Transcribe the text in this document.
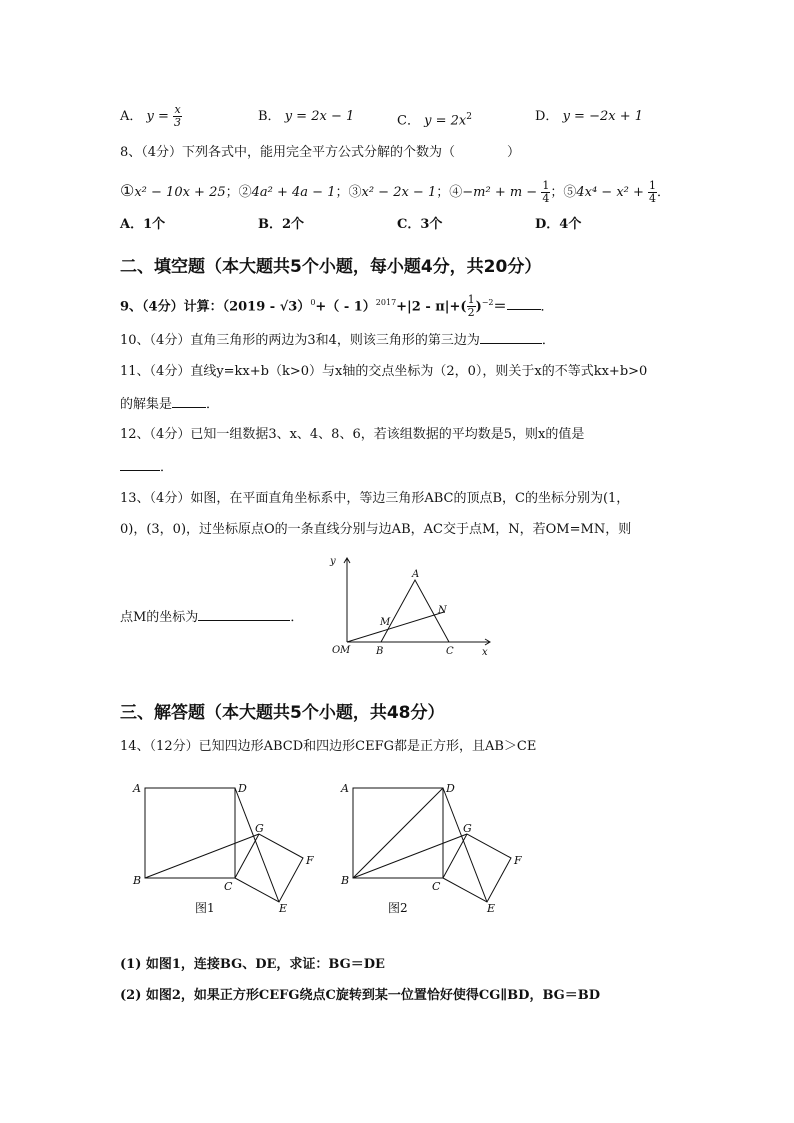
A． $y = \frac{x}{3}$	B． y = 2x − 1	C． $y = 2x^2$	D． y = −2x + 1
8、（4分）下列各式中，能用完全平方公式分解的个数为（　　　　）
①x² − 10x + 25；②4a² + 4a − 1；③x² − 2x − 1；④−m² + $m - \frac{1}{4}$ ；⑤4x⁴ − $x^2 + \frac{1}{4}$ ．
A．1个	B．2个	C．3个	D．4个
二、填空题（本大题共5个小题，每小题4分，共20分）
9、（4分）计算：$(2019 - √3)^0+( - 1)^{2017}+|2 - \pi|+( \frac{1}{2} )^{-2}=$	．
10、（4分）直角三角形的两边为3和4，则该三角形的第三边为	．
11、（4分）直线y=kx+b（k>0）与x轴的交点坐标为（2，0），则关于x的不等式kx+b>0
的解集是	．
12、（4分）已知一组数据3、x、4、8、6，若该组数据的平均数是5，则x的值是
．
13、（4分）如图，在平面直角坐标系中，等边三角形ABC的顶点B，C的坐标分别为(1，
0)，(3，0)，过坐标原点O的一条直线分别与边AB，AC交于点M，N，若OM=MN，则
点M的坐标为	．
y
x
O M
M
A
N
B	C
三、解答题（本大题共5个小题，共48分）
14、（12分）已知四边形ABCD和四边形CEFG都是正方形，且AB＞CE
A	D
B	C
G
F
E
图1
A	D
B	C
G
F
E
图2
(1) 如图1，连接BG、DE，求证：BG＝DE
(2) 如图2，如果正方形CEFG绕点C旋转到某一位置恰好使得CG∥BD，BG＝BD
